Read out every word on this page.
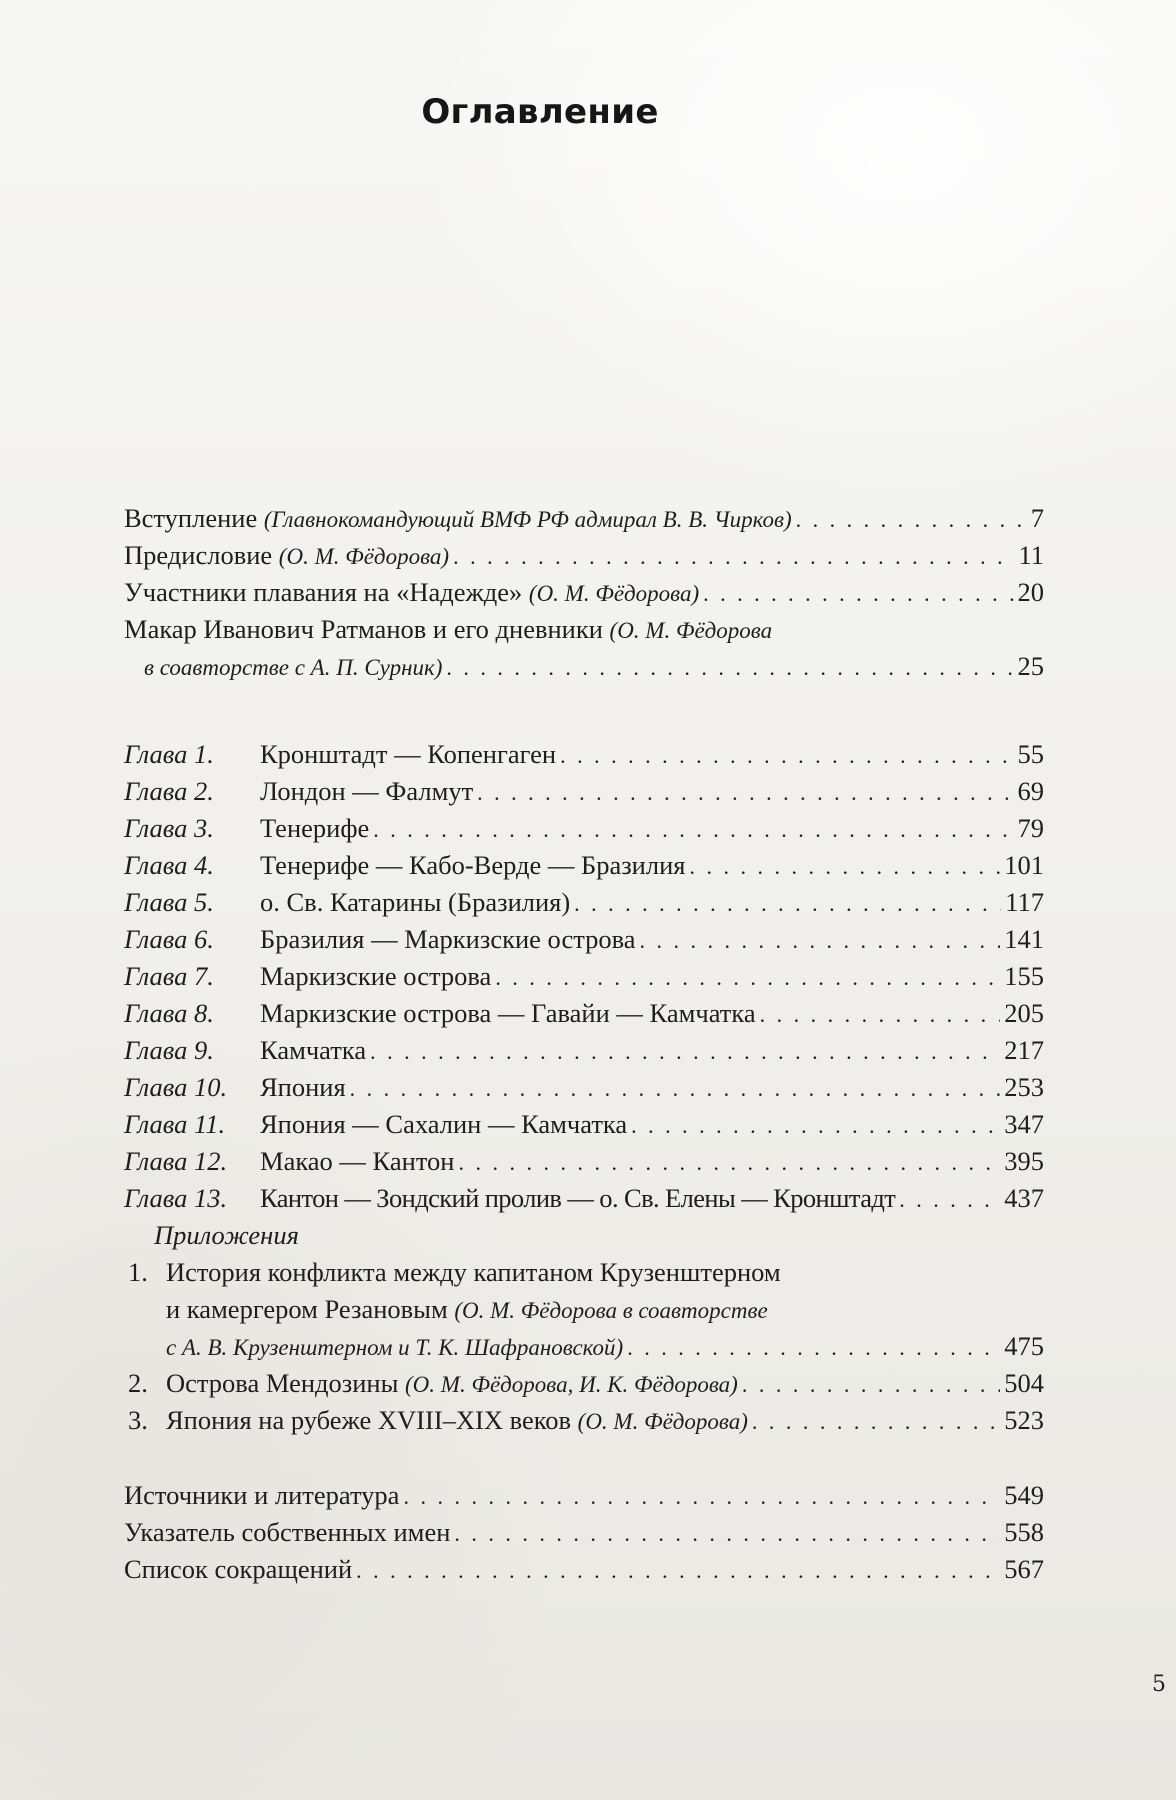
Оглавление
Вступление (Главнокомандующий ВМФ РФ адмирал В. В. Чирков) . . .	7
Предисловие (О. М. Фёдорова) . . .	11
Участники плавания на «Надежде» (О. М. Фёдорова) . . .	20
Макар Иванович Ратманов и его дневники (О. М. Фёдорова
в соавторстве с А. П. Сурник) . . .	25
Глава 1.	Кронштадт — Копенгаген . . .	55
Глава 2.	Лондон — Фалмут . . .	69
Глава 3.	Тенерифе . . .	79
Глава 4.	Тенерифе — Кабо-Верде — Бразилия . . .	101
Глава 5.	о. Св. Катарины (Бразилия) . . .	117
Глава 6.	Бразилия — Маркизские острова . . .	141
Глава 7.	Маркизские острова . . .	155
Глава 8.	Маркизские острова — Гавайи — Камчатка . . .	205
Глава 9.	Камчатка . . .	217
Глава 10.	Япония . . .	253
Глава 11.	Япония — Сахалин — Камчатка . . .	347
Глава 12.	Макао — Кантон . . .	395
Глава 13.	Кантон — Зондский пролив — о. Св. Елены — Кронштадт . . .	437
Приложения
1. История конфликта между капитаном Крузенштерном
и камергером Резановым (О. М. Фёдорова в соавторстве
с А. В. Крузенштерном и Т. К. Шафрановской) . . .	475
2. Острова Мендозины (О. М. Фёдорова, И. К. Фёдорова) . . .	504
3. Япония на рубеже XVIII–XIX веков (О. М. Фёдорова) . . .	523
Источники и литература . . .	549
Указатель собственных имен . . .	558
Список сокращений . . .	567
5
